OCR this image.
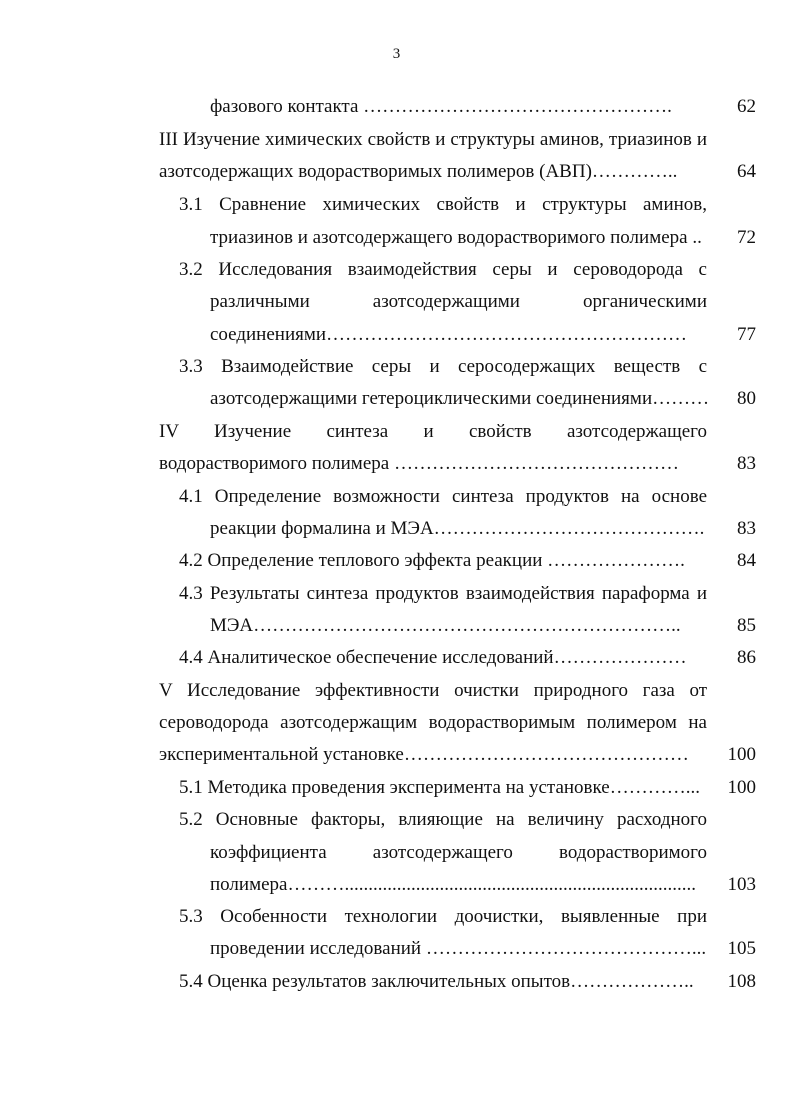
3
фазового контакта ………………………………………….	62
III Изучение химических свойств и структуры аминов, триазинов и
азотсодержащих водорастворимых полимеров (АВП)…………..	64
3.1 Сравнение химических свойств и структуры аминов,
триазинов и азотсодержащего водорастворимого полимера ..	72
3.2 Исследования взаимодействия серы и сероводорода с
различными азотсодержащими органическими
соединениями…………………………………………………	77
3.3 Взаимодействие серы и серосодержащих веществ с
азотсодержащими гетероциклическими соединениями………	80
IV Изучение синтеза и свойств азотсодержащего
водорастворимого полимера ………………………………………	83
4.1 Определение возможности синтеза продуктов на основе
реакции формалина и МЭА…………………………………….	83
4.2 Определение теплового эффекта реакции ………………….	84
4.3 Результаты синтеза продуктов взаимодействия параформа и
МЭА…………………………………………………………..	85
4.4 Аналитическое обеспечение исследований…………………	86
V Исследование эффективности очистки природного газа от
сероводорода азотсодержащим водорастворимым полимером на
экспериментальной установке………………………………………	100
5.1 Методика проведения эксперимента на установке…………...	100
5.2 Основные факторы, влияющие на величину расходного
коэффициента азотсодержащего водорастворимого
полимера………..........................................................................	103
5.3 Особенности технологии доочистки, выявленные при
проведении исследований ……………………………………...	105
5.4 Оценка результатов заключительных опытов………………..	108
